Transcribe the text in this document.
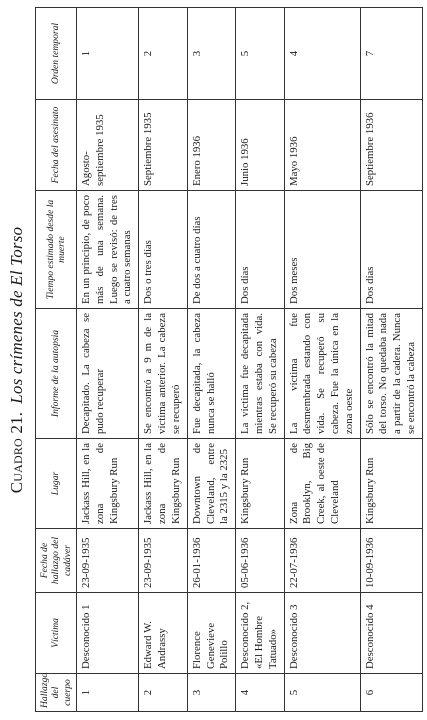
Cuadro 21.
Los crímenes de El Torso
Hallazgo del cuerpo	Víctima	Fecha de hallazgo del cadáver	Lugar	Informe de la autopsia	Tiempo estimado desde la muerte	Fecha del asesinato	Orden temporal
1	Desconocido 1	23-09-1935	Jackass Hill, en la zona de Kingsbury Run	Decapitado. La cabeza se pudo recuperar	En un principio, de poco más de una semana. Luego se revisó: de tres a cuatro semanas	Agosto-septiembre 1935	1
2	Edward W. Andrassy	23-09-1935	Jackass Hill, en la zona de Kingsbury Run	Se encontró a 9 m de la víctima anterior. La cabeza se recuperó	Dos o tres días	Septiembre 1935	2
3	Florence Genevieve Polillo	26-01-1936	Downtown de Cleveland, entre la 2315 y la 2325	Fue decapitada, la cabeza nunca se halló	De dos a cuatro días	Enero 1936	3
4	Desconocido 2, «El Hombre Tatuado»	05-06-1936	Kingsbury Run	La víctima fue decapitada mientras estaba con vida. Se recuperó su cabeza	Dos días	Junio 1936	5
5	Desconocido 3	22-07-1936	Zona de Brooklyn, Big Creek, al oeste de Cleveland	La víctima fue desmembrada estando con vida. Se recuperó su cabeza. Fue la única en la zona oeste	Dos meses	Mayo 1936	4
6	Desconocido 4	10-09-1936	Kingsbury Run	Sólo se encontró la mitad del torso. No quedaba nada a partir de la cadera. Nunca se encontró la cabeza	Dos días	Septiembre 1936	7
